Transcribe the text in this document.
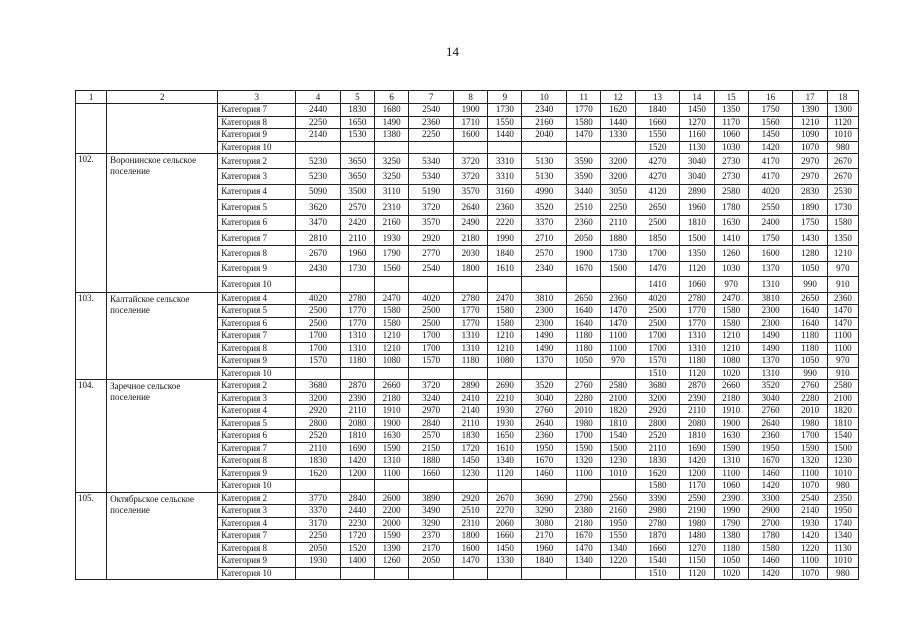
14
1	2	3	4	5	6	7	8	9	10	11	12	13	14	15	16	17	18
		Категория 7	2440	1830	1680	2540	1900	1730	2340	1770	1620	1840	1450	1350	1750	1390	1300
		Категория 8	2250	1650	1490	2360	1710	1550	2160	1580	1440	1660	1270	1170	1560	1210	1120
		Категория 9	2140	1530	1380	2250	1600	1440	2040	1470	1330	1550	1160	1060	1450	1090	1010
		Категория 10										1520	1130	1030	1420	1070	980
102.	Воронинское сельское поселение	Категория 2	5230	3650	3250	5340	3720	3310	5130	3590	3200	4270	3040	2730	4170	2970	2670
		Категория 3	5230	3650	3250	5340	3720	3310	5130	3590	3200	4270	3040	2730	4170	2970	2670
		Категория 4	5090	3500	3110	5190	3570	3160	4990	3440	3050	4120	2890	2580	4020	2830	2530
		Категория 5	3620	2570	2310	3720	2640	2360	3520	2510	2250	2650	1960	1780	2550	1890	1730
		Категория 6	3470	2420	2160	3570	2490	2220	3370	2360	2110	2500	1810	1630	2400	1750	1580
		Категория 7	2810	2110	1930	2920	2180	1990	2710	2050	1880	1850	1500	1410	1750	1430	1350
		Категория 8	2670	1960	1790	2770	2030	1840	2570	1900	1730	1700	1350	1260	1600	1280	1210
		Категория 9	2430	1730	1560	2540	1800	1610	2340	1670	1500	1470	1120	1030	1370	1050	970
		Категория 10										1410	1060	970	1310	990	910
103.	Калтайское сельское поселение	Категория 4	4020	2780	2470	4020	2780	2470	3810	2650	2360	4020	2780	2470	3810	2650	2360
		Категория 5	2500	1770	1580	2500	1770	1580	2300	1640	1470	2500	1770	1580	2300	1640	1470
		Категория 6	2500	1770	1580	2500	1770	1580	2300	1640	1470	2500	1770	1580	2300	1640	1470
		Категория 7	1700	1310	1210	1700	1310	1210	1490	1180	1100	1700	1310	1210	1490	1180	1100
		Категория 8	1700	1310	1210	1700	1310	1210	1490	1180	1100	1700	1310	1210	1490	1180	1100
		Категория 9	1570	1180	1080	1570	1180	1080	1370	1050	970	1570	1180	1080	1370	1050	970
		Категория 10										1510	1120	1020	1310	990	910
104.	Заречное сельское поселение	Категория 2	3680	2870	2660	3720	2890	2690	3520	2760	2580	3680	2870	2660	3520	2760	2580
		Категория 3	3200	2390	2180	3240	2410	2210	3040	2280	2100	3200	2390	2180	3040	2280	2100
		Категория 4	2920	2110	1910	2970	2140	1930	2760	2010	1820	2920	2110	1910	2760	2010	1820
		Категория 5	2800	2080	1900	2840	2110	1930	2640	1980	1810	2800	2080	1900	2640	1980	1810
		Категория 6	2520	1810	1630	2570	1830	1650	2360	1700	1540	2520	1810	1630	2360	1700	1540
		Категория 7	2110	1690	1590	2150	1720	1610	1950	1590	1500	2110	1690	1590	1950	1590	1500
		Категория 8	1830	1420	1310	1880	1450	1340	1670	1320	1230	1830	1420	1310	1670	1320	1230
		Категория 9	1620	1200	1100	1660	1230	1120	1460	1100	1010	1620	1200	1100	1460	1100	1010
		Категория 10										1580	1170	1060	1420	1070	980
105.	Октябрьское сельское поселение	Категория 2	3770	2840	2600	3890	2920	2670	3690	2790	2560	3390	2590	2390	3300	2540	2350
		Категория 3	3370	2440	2200	3490	2510	2270	3290	2380	2160	2980	2190	1990	2900	2140	1950
		Категория 4	3170	2230	2000	3290	2310	2060	3080	2180	1950	2780	1980	1790	2700	1930	1740
		Категория 7	2250	1720	1590	2370	1800	1660	2170	1670	1550	1870	1480	1380	1780	1420	1340
		Категория 8	2050	1520	1390	2170	1600	1450	1960	1470	1340	1660	1270	1180	1580	1220	1130
		Категория 9	1930	1400	1260	2050	1470	1330	1840	1340	1220	1540	1150	1050	1460	1100	1010
		Категория 10										1510	1120	1020	1420	1070	980
